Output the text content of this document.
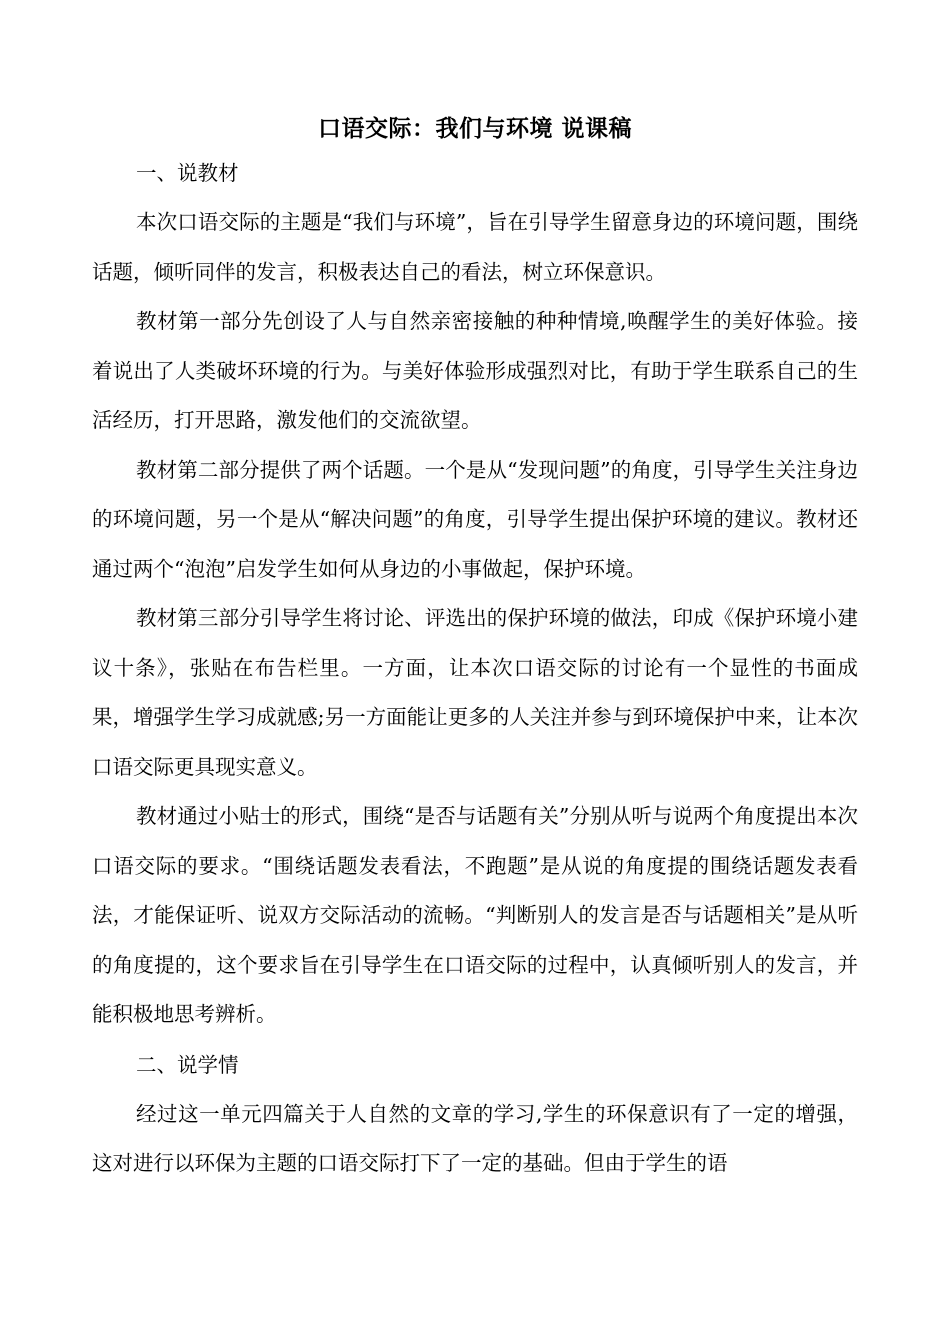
口语交际：我们与环境 说课稿
一、说教材

本次口语交际的主题是“我们与环境”，旨在引导学生留意身边的环境问题，围绕话题，倾听同伴的发言，积极表达自己的看法，树立环保意识。

教材第一部分先创设了人与自然亲密接触的种种情境,唤醒学生的美好体验。接着说出了人类破坏环境的行为。与美好体验形成强烈对比，有助于学生联系自己的生活经历，打开思路，激发他们的交流欲望。

教材第二部分提供了两个话题。一个是从“发现问题”的角度，引导学生关注身边的环境问题，另一个是从“解决问题”的角度，引导学生提出保护环境的建议。教材还通过两个“泡泡”启发学生如何从身边的小事做起，保护环境。

教材第三部分引导学生将讨论、评选出的保护环境的做法，印成《保护环境小建议十条》，张贴在布告栏里。一方面，让本次口语交际的讨论有一个显性的书面成果，增强学生学习成就感;另一方面能让更多的人关注并参与到环境保护中来，让本次口语交际更具现实意义。

教材通过小贴士的形式，围绕“是否与话题有关”分别从听与说两个角度提出本次口语交际的要求。“围绕话题发表看法，不跑题”是从说的角度提的围绕话题发表看法，才能保证听、说双方交际活动的流畅。“判断别人的发言是否与话题相关”是从听的角度提的，这个要求旨在引导学生在口语交际的过程中，认真倾听别人的发言，并能积极地思考辨析。

二、说学情

经过这一单元四篇关于人自然的文章的学习,学生的环保意识有了一定的增强，这对进行以环保为主题的口语交际打下了一定的基础。但由于学生的语
